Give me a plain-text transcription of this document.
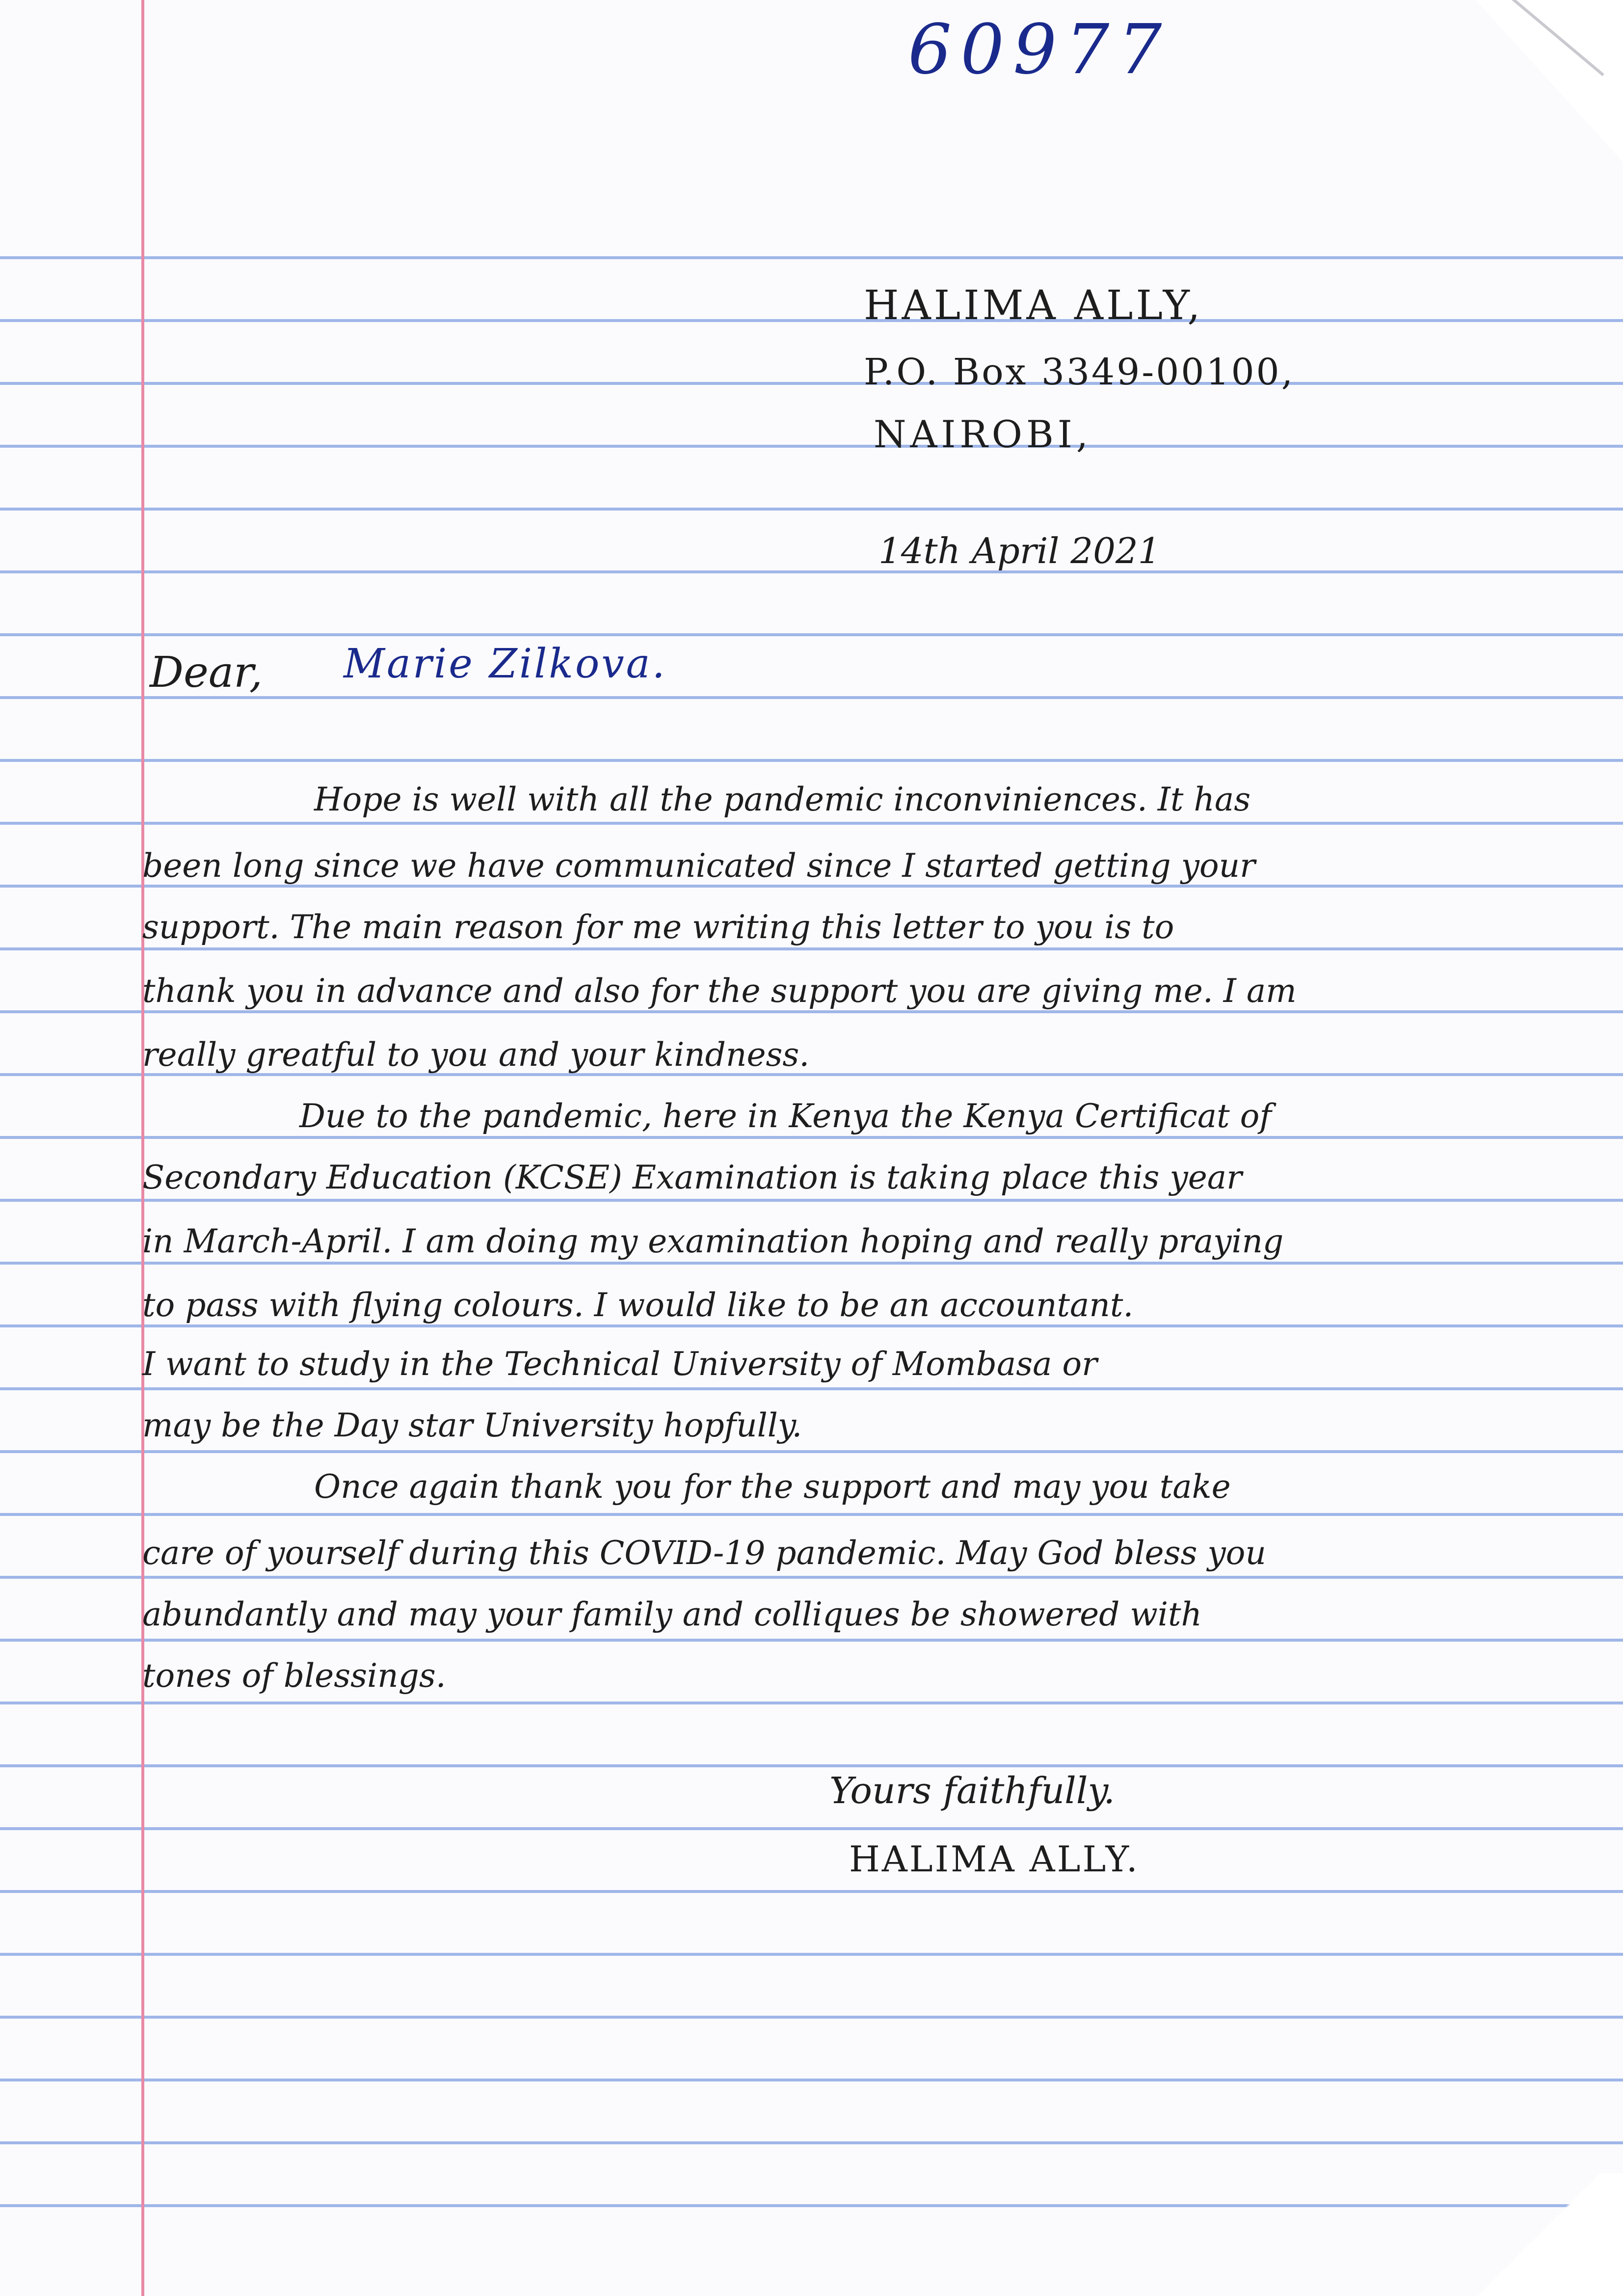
60977
HALIMA ALLY,
P.O. Box 3349-00100,
NAIROBI,
14th April 2021
Dear, Marie Zilkova.
Hope is well with all the pandemic inconviniences. It has
been long since we have communicated since I started getting your
support. The main reason for me writing this letter to you is to
thank you in advance and also for the support you are giving me. I am
really greatful to you and your kindness.
Due to the pandemic, here in Kenya the Kenya Certificat of
Secondary Education (KCSE) Examination is taking place this year
in March-April. I am doing my examination hoping and really praying
to pass with flying colours. I would like to be an accountant.
I want to study in the Technical University of Mombasa or
may be the Day star University hopfully.
Once again thank you for the support and may you take
care of yourself during this COVID-19 pandemic. May God bless you
abundantly and may your family and colliques be showered with
tones of blessings.
Yours faithfully.
HALIMA ALLY.
